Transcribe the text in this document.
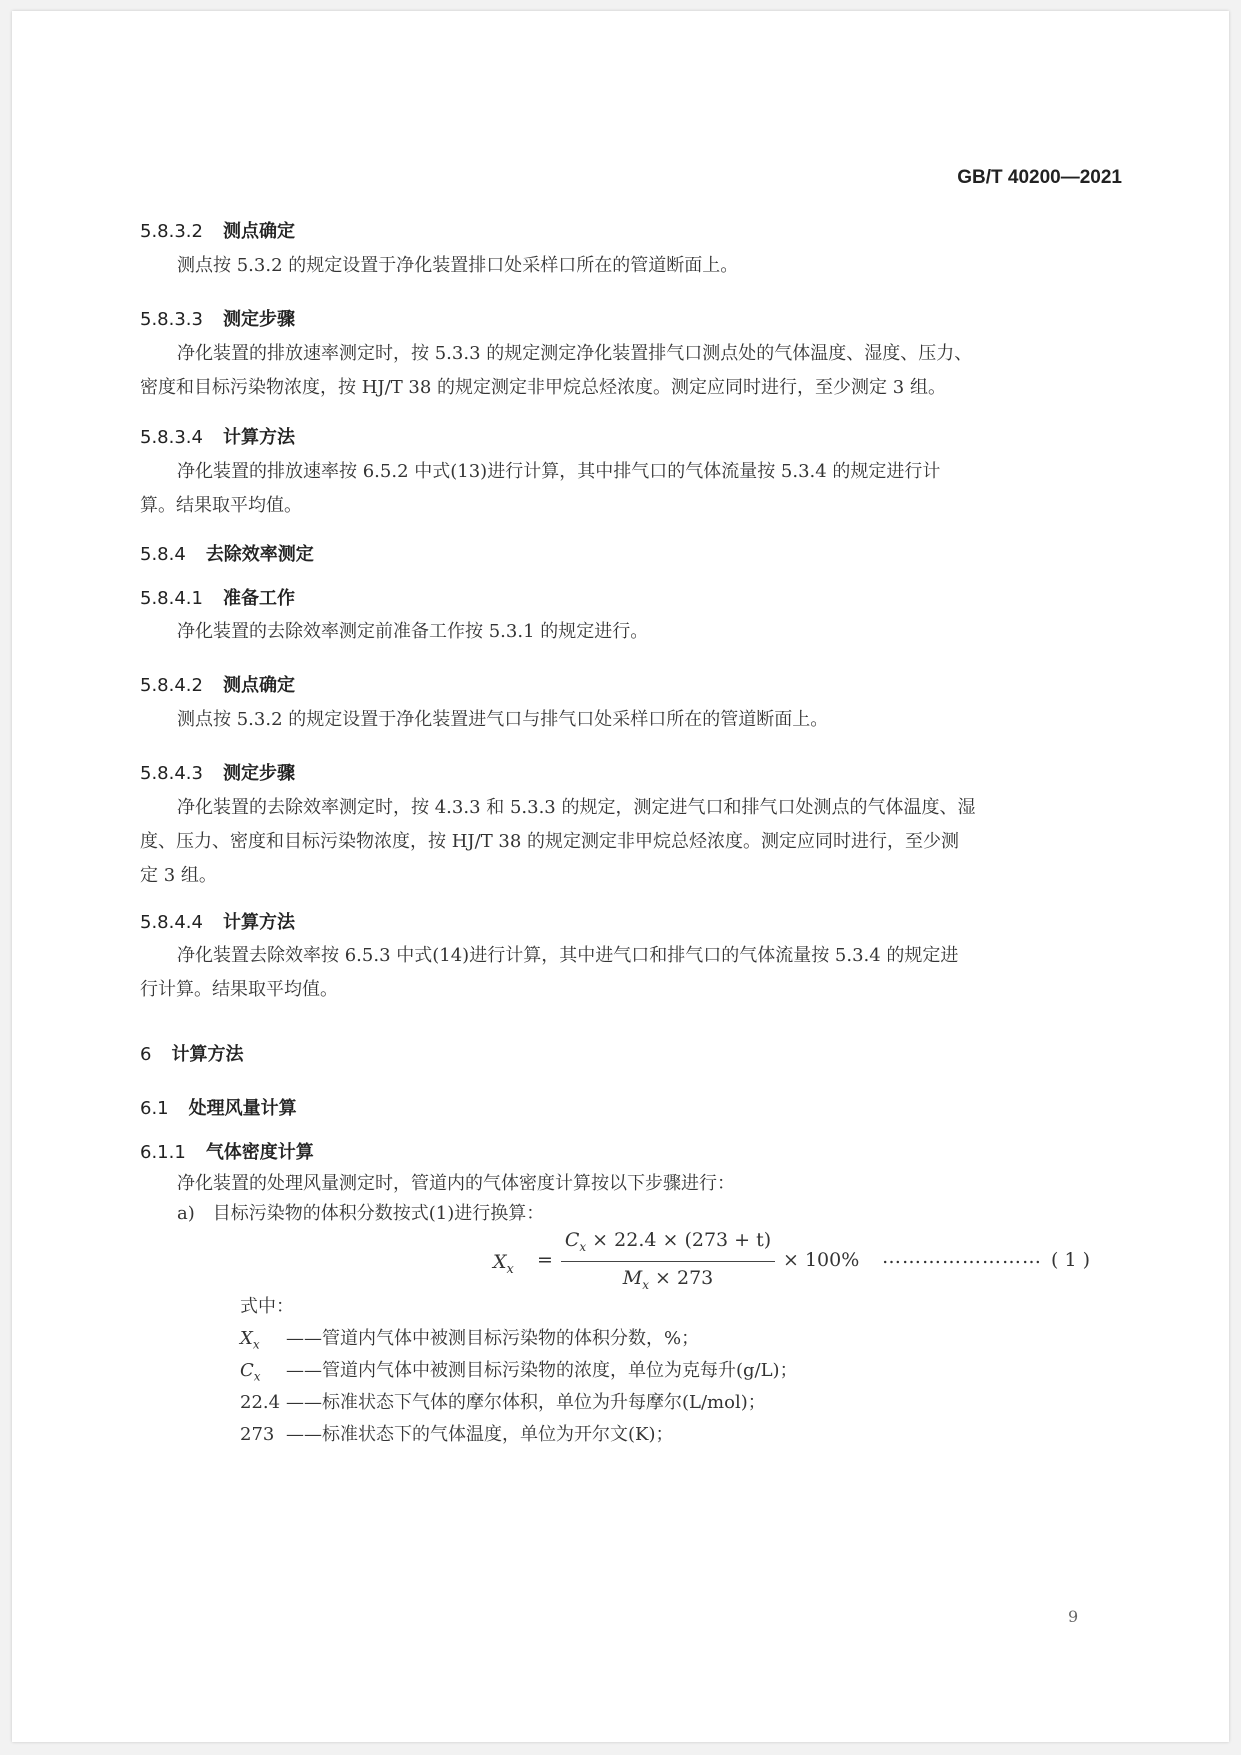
GB/T 40200—2021
5.8.3.2 测点确定
测点按 5.3.2 的规定设置于净化装置排口处采样口所在的管道断面上。
5.8.3.3 测定步骤
净化装置的排放速率测定时，按 5.3.3 的规定测定净化装置排气口测点处的气体温度、湿度、压力、
密度和目标污染物浓度，按 HJ/T 38 的规定测定非甲烷总烃浓度。测定应同时进行，至少测定 3 组。
5.8.3.4 计算方法
净化装置的排放速率按 6.5.2 中式(13)进行计算，其中排气口的气体流量按 5.3.4 的规定进行计
算。结果取平均值。
5.8.4 去除效率测定
5.8.4.1 准备工作
净化装置的去除效率测定前准备工作按 5.3.1 的规定进行。
5.8.4.2 测点确定
测点按 5.3.2 的规定设置于净化装置进气口与排气口处采样口所在的管道断面上。
5.8.4.3 测定步骤
净化装置的去除效率测定时，按 4.3.3 和 5.3.3 的规定，测定进气口和排气口处测点的气体温度、湿
度、压力、密度和目标污染物浓度，按 HJ/T 38 的规定测定非甲烷总烃浓度。测定应同时进行，至少测
定 3 组。
5.8.4.4 计算方法
净化装置去除效率按 6.5.3 中式(14)进行计算，其中进气口和排气口的气体流量按 5.3.4 的规定进
行计算。结果取平均值。
6 计算方法
6.1 处理风量计算
6.1.1 气体密度计算
净化装置的处理风量测定时，管道内的气体密度计算按以下步骤进行：
a)　目标污染物的体积分数按式(1)进行换算：
$X_x$ =
$C_x \times 22.4 \times (273 + t)$
$M_x \times 273$
× 100% …………………… ( 1 )
式中：
$X_x$ ——管道内气体中被测目标污染物的体积分数，%；
$C_x$ ——管道内气体中被测目标污染物的浓度，单位为克每升(g/L)；
22.4 ——标准状态下气体的摩尔体积，单位为升每摩尔(L/mol)；
273 ——标准状态下的气体温度，单位为开尔文(K)；
9
